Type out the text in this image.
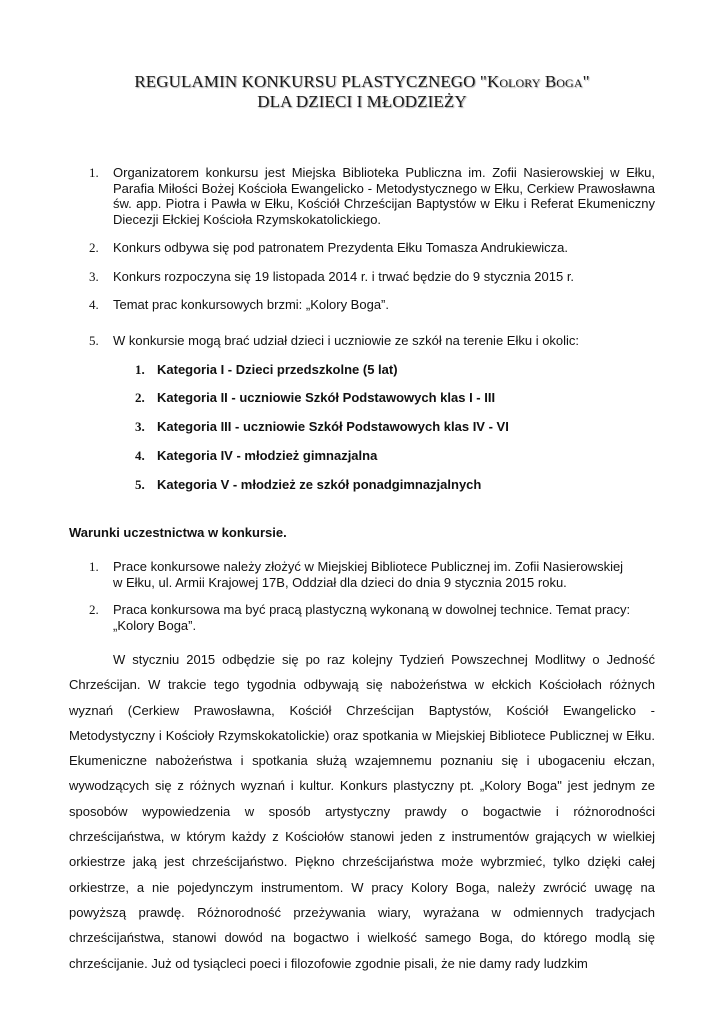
REGULAMIN KONKURSU PLASTYCZNEGO "Kolory Boga"
DLA DZIECI I MŁODZIEŻY
1. Organizatorem konkursu jest Miejska Biblioteka Publiczna im. Zofii Nasierowskiej w Ełku, Parafia Miłości Bożej Kościoła Ewangelicko - Metodystycznego w Ełku, Cerkiew Prawosławna św. app. Piotra i Pawła w Ełku, Kościół Chrześcijan Baptystów w Ełku i Referat Ekumeniczny Diecezji Ełckiej Kościoła Rzymskokatolickiego.
2. Konkurs odbywa się pod patronatem Prezydenta Ełku Tomasza Andrukiewicza.
3. Konkurs rozpoczyna się 19 listopada 2014 r. i trwać będzie do 9 stycznia 2015 r.
4. Temat prac konkursowych brzmi: „Kolory Boga”.
5. W konkursie mogą brać udział dzieci i uczniowie ze szkół na terenie Ełku i okolic:
1. Kategoria I - Dzieci przedszkolne (5 lat)
2. Kategoria II - uczniowie Szkół Podstawowych klas I - III
3. Kategoria III - uczniowie Szkół Podstawowych klas IV - VI
4. Kategoria IV - młodzież gimnazjalna
5. Kategoria V - młodzież ze szkół ponadgimnazjalnych
Warunki uczestnictwa w konkursie.
1. Prace konkursowe należy złożyć w Miejskiej Bibliotece Publicznej im. Zofii Nasierowskiej
w Ełku, ul. Armii Krajowej 17B, Oddział dla dzieci do dnia 9 stycznia 2015 roku.
2. Praca konkursowa ma być pracą plastyczną wykonaną w dowolnej technice. Temat pracy:
„Kolory Boga”.
W styczniu 2015 odbędzie się po raz kolejny Tydzień Powszechnej Modlitwy o Jedność Chrześcijan. W trakcie tego tygodnia odbywają się nabożeństwa w ełckich Kościołach różnych wyznań (Cerkiew Prawosławna, Kościół Chrześcijan Baptystów, Kościół Ewangelicko - Metodystyczny i Kościoły Rzymskokatolickie) oraz spotkania w Miejskiej Bibliotece Publicznej w Ełku. Ekumeniczne nabożeństwa i spotkania służą wzajemnemu poznaniu się i ubogaceniu ełczan, wywodzących się z różnych wyznań i kultur. Konkurs plastyczny pt. „Kolory Boga" jest jednym ze sposobów wypowiedzenia w sposób artystyczny prawdy o bogactwie i różnorodności chrześcijaństwa, w którym każdy z Kościołów stanowi jeden z instrumentów grających w wielkiej orkiestrze jaką jest chrześcijaństwo. Piękno chrześcijaństwa może wybrzmieć, tylko dzięki całej orkiestrze, a nie pojedynczym instrumentom. W pracy Kolory Boga, należy zwrócić uwagę na powyższą prawdę. Różnorodność przeżywania wiary, wyrażana w odmiennych tradycjach chrześcijaństwa, stanowi dowód na bogactwo i wielkość samego Boga, do którego modlą się chrześcijanie. Już od tysiącleci poeci i filozofowie zgodnie pisali, że nie damy rady ludzkim
